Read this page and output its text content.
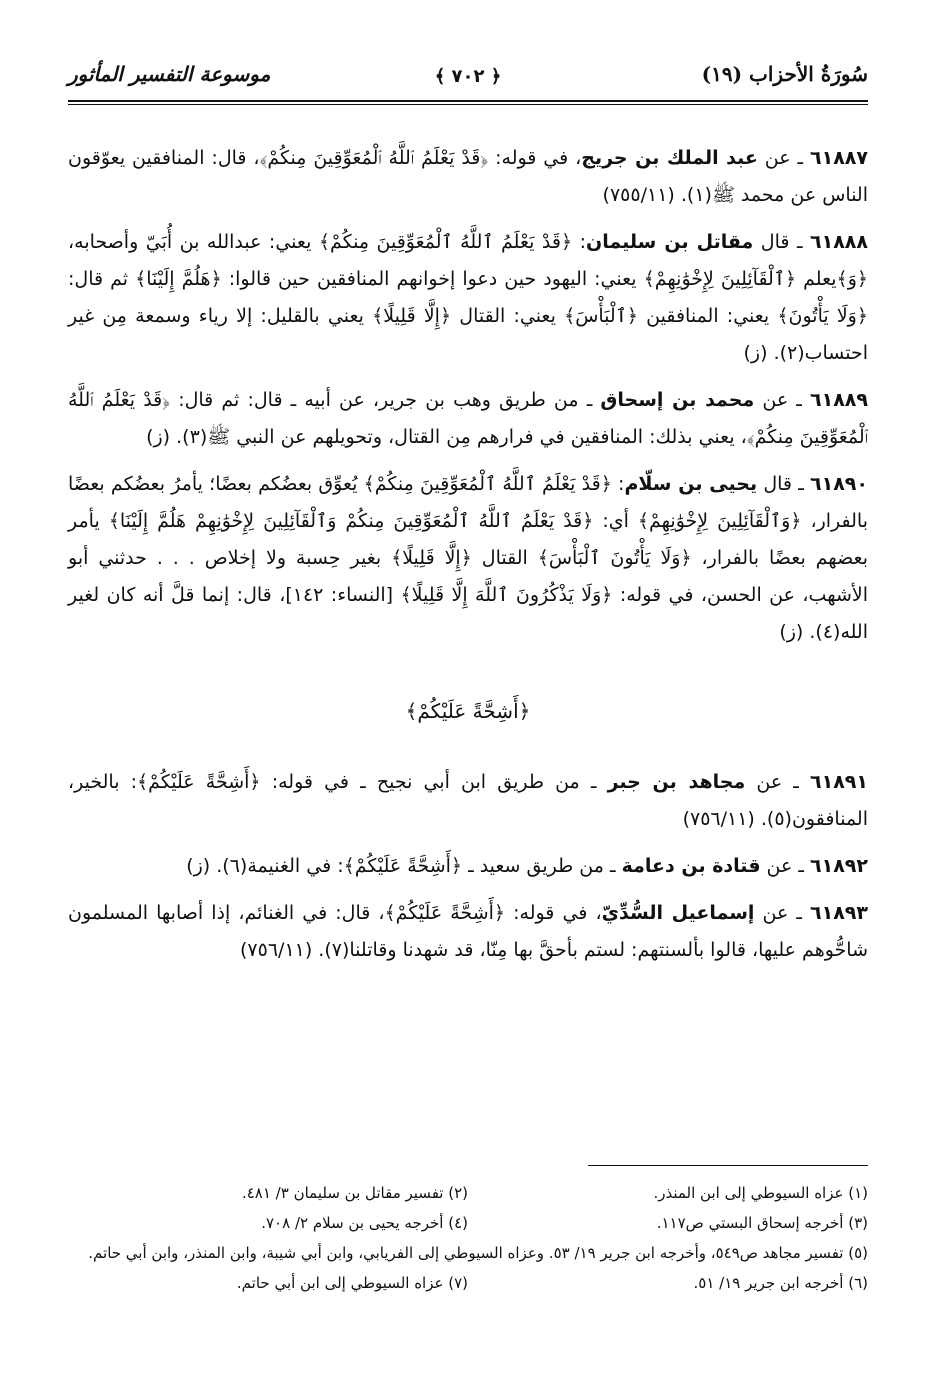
سُورَةُ الأحزاب (١٩)
﴿ ٧٠٢ ﴾
موسوعة التفسير المأثور

٦١٨٨٧ ـ عن عبد الملك بن جريج، في قوله: ﴿قَدْ يَعْلَمُ ٱللَّهُ ٱلْمُعَوِّقِينَ مِنكُمْ﴾، قال: المنافقين يعوّقون الناس عن محمد ﷺ(١). (٧٥٥/١١)

٦١٨٨٨ ـ قال مقاتل بن سليمان: ﴿قَدْ يَعْلَمُ ٱللَّهُ ٱلْمُعَوِّقِينَ مِنكُمْ﴾ يعني: عبدالله بن أُبَيّ وأصحابه، ﴿وَ﴾يعلم ﴿ٱلْقَآئِلِينَ لِإِخْوَٰنِهِمْ﴾ يعني: اليهود حين دعوا إخوانهم المنافقين حين قالوا: ﴿هَلُمَّ إِلَيْنَا﴾ ثم قال: ﴿وَلَا يَأْتُونَ﴾ يعني: المنافقين ﴿ٱلْبَأْسَ﴾ يعني: القتال ﴿إِلَّا قَلِيلًا﴾ يعني بالقليل: إلا رياء وسمعة مِن غير احتساب(٢). (ز)

٦١٨٨٩ ـ عن محمد بن إسحاق ـ من طريق وهب بن جرير، عن أبيه ـ قال: ثم قال: ﴿قَدْ يَعْلَمُ ٱللَّهُ ٱلْمُعَوِّقِينَ مِنكُمْ﴾، يعني بذلك: المنافقين في فرارهم مِن القتال، وتحويلهم عن النبي ﷺ(٣). (ز)

٦١٨٩٠ ـ قال يحيى بن سلّام: ﴿قَدْ يَعْلَمُ ٱللَّهُ ٱلْمُعَوِّقِينَ مِنكُمْ﴾ يُعوِّق بعضُكم بعضًا؛ يأمرُ بعضُكم بعضًا بالفرار، ﴿وَٱلْقَآئِلِينَ لِإِخْوَٰنِهِمْ﴾ أي: ﴿قَدْ يَعْلَمُ ٱللَّهُ ٱلْمُعَوِّقِينَ مِنكُمْ وَٱلْقَآئِلِينَ لِإِخْوَٰنِهِمْ هَلُمَّ إِلَيْنَا﴾ يأمر بعضهم بعضًا بالفرار، ﴿وَلَا يَأْتُونَ ٱلْبَأْسَ﴾ القتال ﴿إِلَّا قَلِيلًا﴾ بغير حِسبة ولا إخلاص . . . حدثني أبو الأشهب، عن الحسن، في قوله: ﴿وَلَا يَذْكُرُونَ ٱللَّهَ إِلَّا قَلِيلًا﴾ [النساء: ١٤٢]، قال: إنما قلَّ أنه كان لغير الله(٤). (ز)

﴿أَشِحَّةً عَلَيْكُمْ﴾

٦١٨٩١ ـ عن مجاهد بن جبر ـ من طريق ابن أبي نجيح ـ في قوله: ﴿أَشِحَّةً عَلَيْكُمْ﴾: بالخير، المنافقون(٥). (٧٥٦/١١)

٦١٨٩٢ ـ عن قتادة بن دعامة ـ من طريق سعيد ـ ﴿أَشِحَّةً عَلَيْكُمْ﴾: في الغنيمة(٦). (ز)

٦١٨٩٣ ـ عن إسماعيل السُّدِّيّ، في قوله: ﴿أَشِحَّةً عَلَيْكُمْ﴾، قال: في الغنائم، إذا أصابها المسلمون شاحُّوهم عليها، قالوا بألسنتهم: لستم بأحقَّ بها مِنّا، قد شهدنا وقاتلنا(٧). (٧٥٦/١١)

(١) عزاه السيوطي إلى ابن المنذر.
(٢) تفسير مقاتل بن سليمان ٣/ ٤٨١.
(٣) أخرجه إسحاق البستي ص١١٧.
(٤) أخرجه يحيى بن سلام ٢/ ٧٠٨.
(٥) تفسير مجاهد ص٥٤٩، وأخرجه ابن جرير ١٩/ ٥٣. وعزاه السيوطي إلى الفريابي، وابن أبي شيبة، وابن المنذر، وابن أبي حاتم.
(٦) أخرجه ابن جرير ١٩/ ٥١.
(٧) عزاه السيوطي إلى ابن أبي حاتم.
